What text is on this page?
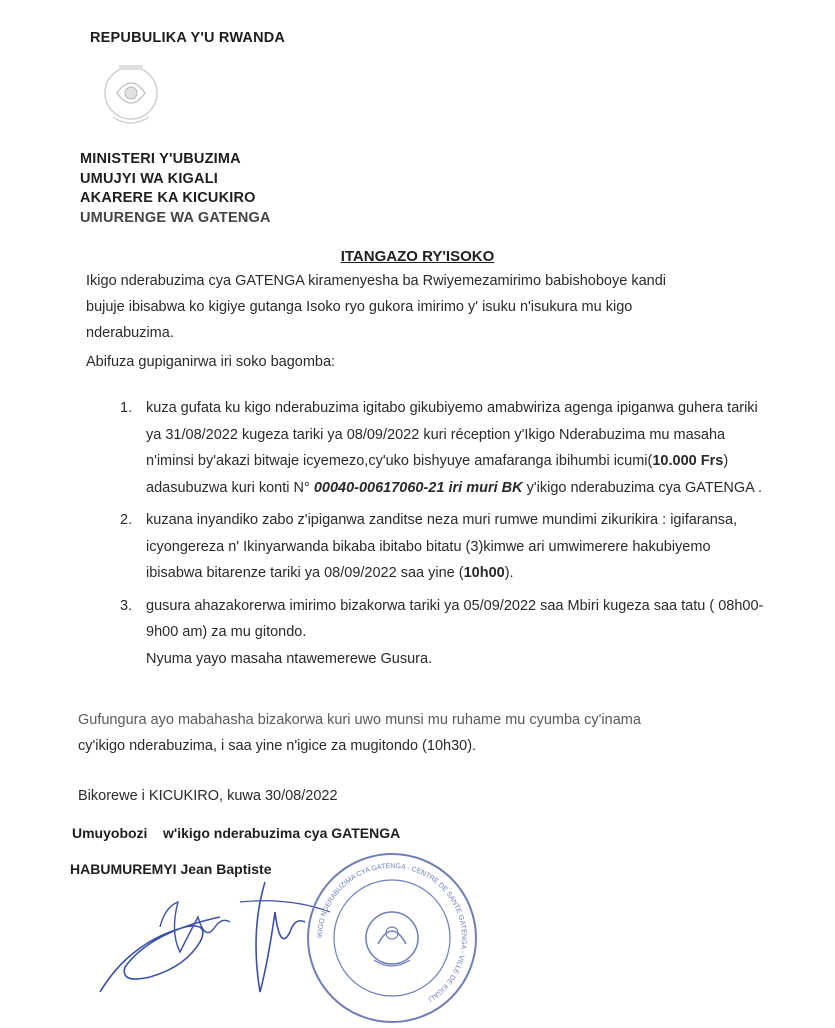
REPUBULIKA Y'U RWANDA
MINISTERI Y'UBUZIMA
UMUJYI WA KIGALI
AKARERE KA KICUKIRO
UMURENGE WA GATENGA
ITANGAZO RY'ISOKO
Ikigo nderabuzima cya GATENGA kiramenyesha ba Rwiyemezamirimo babishoboye kandi
bujuje ibisabwa ko kigiye gutanga Isoko ryo gukora imirimo y' isuku n'isukura mu kigo
nderabuzima.
Abifuza gupiganirwa iri soko bagomba:
1. kuza gufata ku kigo nderabuzima igitabo gikubiyemo amabwiriza agenga ipiganwa guhera tariki ya 31/08/2022 kugeza tariki ya 08/09/2022 kuri réception y'Ikigo Nderabuzima mu masaha n'iminsi by'akazi bitwaje icyemezo,cy'uko bishyuye amafaranga ibihumbi icumi(10.000 Frs) adasubuzwa kuri konti N° 00040-00617060-21 iri muri BK y'ikigo nderabuzima cya GATENGA .
2. kuzana inyandiko zabo z'ipiganwa zanditse neza muri rumwe mundimi zikurikira : igifaransa, icyongereza n' Ikinyarwanda bikaba ibitabo bitatu (3)kimwe ari umwimerere hakubiyemo ibisabwa bitarenze tariki ya 08/09/2022 saa yine (10h00).
3. gusura ahazakorerwa imirimo bizakorwa tariki ya 05/09/2022 saa Mbiri kugeza saa tatu ( 08h00-9h00 am) za mu gitondo.
Nyuma yayo masaha ntawemerewe Gusura.
Gufungura ayo mabahasha bizakorwa kuri uwo munsi mu ruhame mu cyumba cy'inama
cy'ikigo nderabuzima, i saa yine n'igice za mugitondo (10h30).
Bikorewe i KICUKIRO, kuwa 30/08/2022
Umuyobozi    w'ikigo nderabuzima cya GATENGA
HABUMUREMYI Jean Baptiste
IKIGO NDERABUZIMA CYA GATENGA - CENTRE DE SANTE GATENGA - VILLE DE KIGALI
